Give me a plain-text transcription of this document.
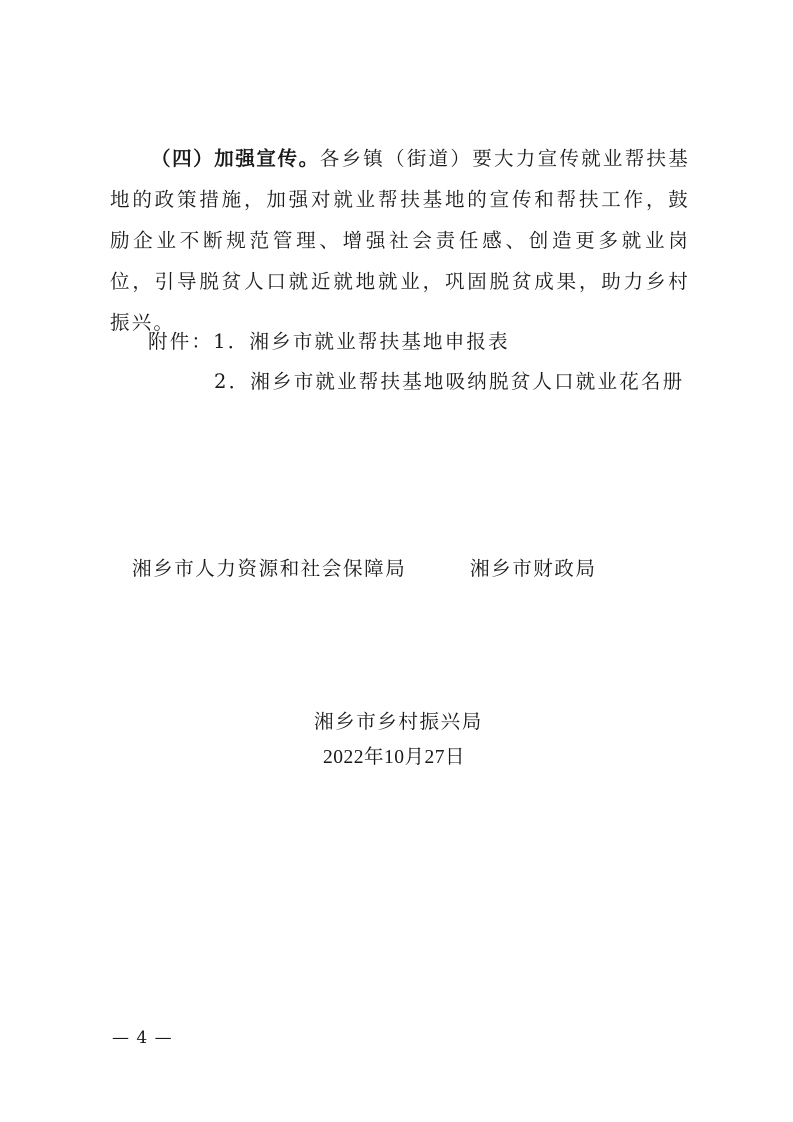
（四）加强宣传。各乡镇（街道）要大力宣传就业帮扶基地的政策措施，加强对就业帮扶基地的宣传和帮扶工作，鼓励企业不断规范管理、增强社会责任感、创造更多就业岗位，引导脱贫人口就近就地就业，巩固脱贫成果，助力乡村振兴。
附件：1．湘乡市就业帮扶基地申报表
2．湘乡市就业帮扶基地吸纳脱贫人口就业花名册
湘乡市人力资源和社会保障局	湘乡市财政局
湘乡市乡村振兴局
2022年10月27日
— 4 —
